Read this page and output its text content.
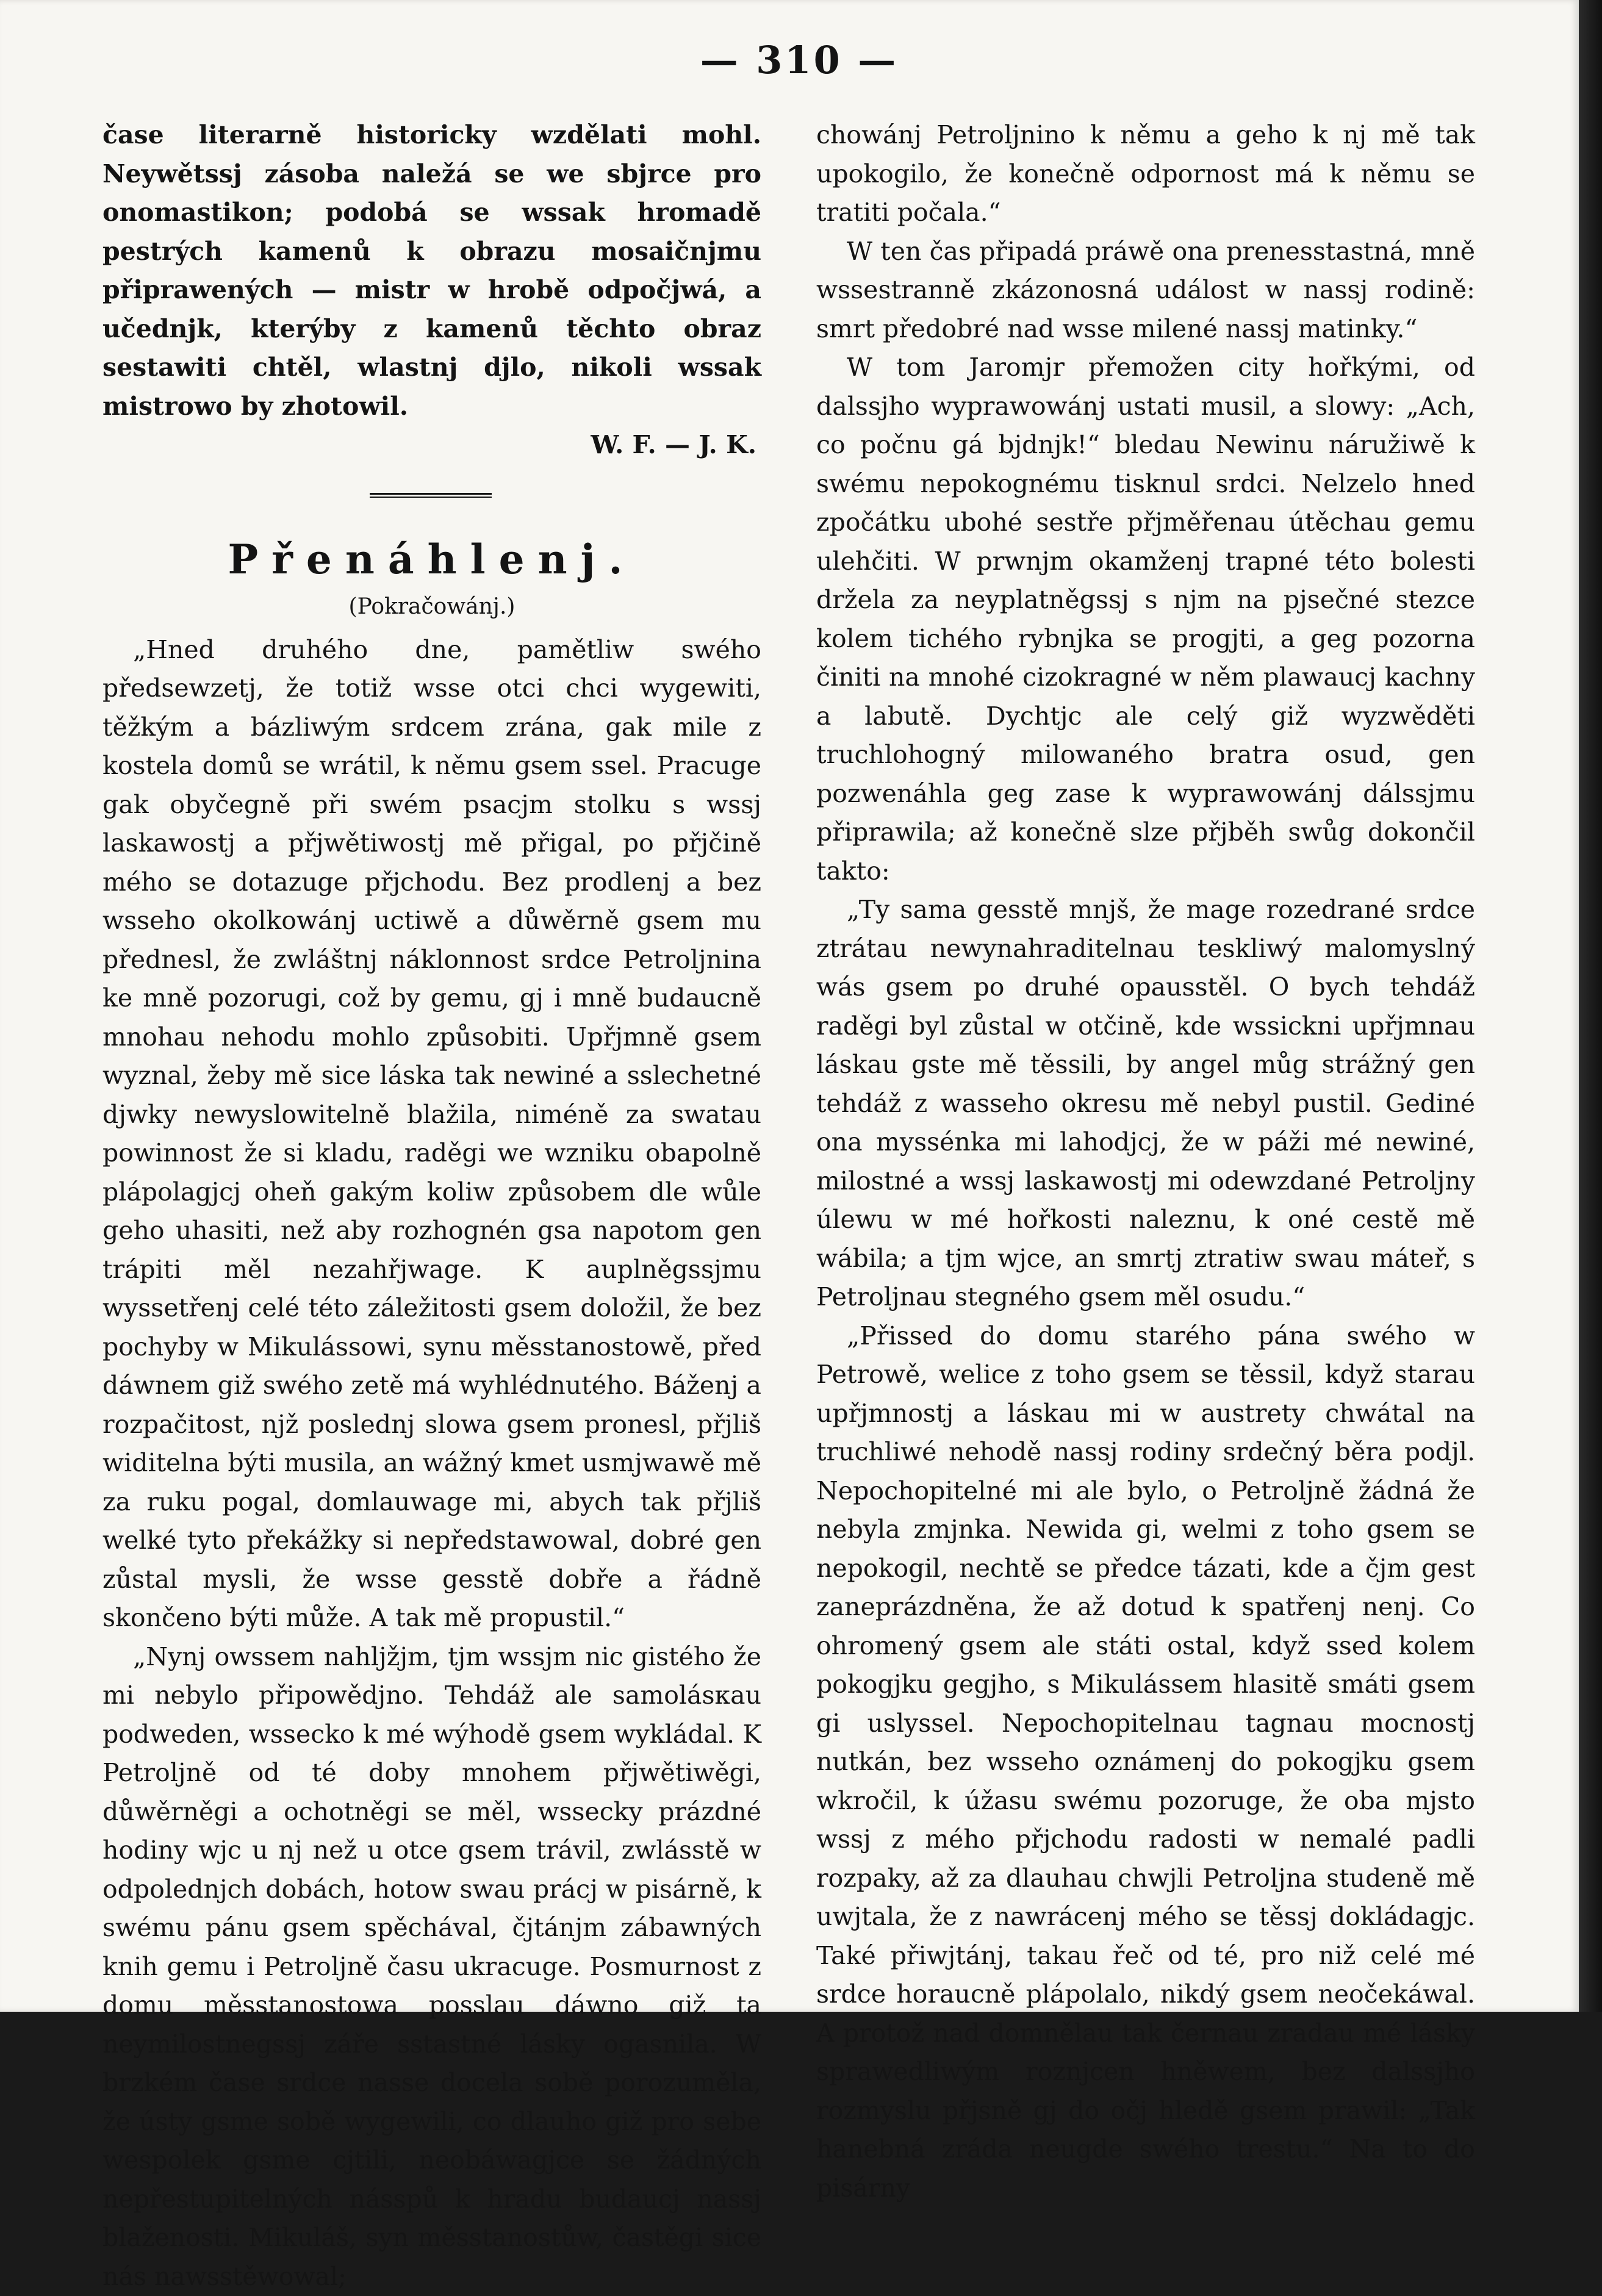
— 310 —

časе literarně historicky wzdělati mohl. Neywětssj zásoba naležá se we sbjrce pro onomastikon; podobá se wssak hromadě pestrých kamenů k obrazu mosaičnjmu připrawených — mistr w hrobě odpočjwá, a učednjk, kterýby z kamenů těchto obraz sestawiti chtěl, wlastnj djlo, nikoli wssak mistrowo by zhotowil.

W. F. — J. K.

Přenáhlenj.
(Pokračowánj.)

„Hned druhého dne, pamětliw swého předsewzetj, že totiž wsse otci chci wygewiti, těžkým a bázliwým srdcem zrána, gak mile z kostela domů se wrátil, k němu gsem ssel. Pracuge gak obyčegně při swém psacjm stolku s wssj laskawostj a přjwětiwostj mě přigal, po přjčině mého se dotazuge přjchodu. Bez prodlenj a bez wsseho okolkowánj uctiwě a důwěrně gsem mu přednesl, že zwláštnj náklonnost srdce Petroljnina ke mně pozorugi, což by gemu, gj i mně budaucně mnohau nehodu mohlo způsobiti. Upřjmně gsem wyznal, žeby mě sice láska tak newiné a sslechetné djwky newyslowitelně blažila, niméně za swatau powinnost že si kladu, raděgi we wzniku obapolně plápolagjcj oheň gakým koliw způsobem dle wůle geho uhasiti, než aby rozhognén gsa napotom gen trápiti měl nezahřjwage. K auplněgssjmu wyssetřenj celé této záležitosti gsem doložil, že bez pochyby w Mikulássowi, synu měsstanostowě, před dáwnem giž swého zetě má wyhlédnutého. Báženj a rozpačitost, njž poslednj slowa gsem pronesl, přjliš widitelna býti musila, an wážný kmet usmjwawě mě za ruku pogal, domlauwage mi, abych tak přjliš welké tyto překážky si nepředstawowal, dobré gen zůstal mysli, že wsse gesstě dobře a řádně skončeno býti může. A tak mě propustil.“

„Nynj owssem nahljžjm, tjm wssjm nic gistého že mi nebylo připowědjno. Tehdáž ale samolásкau podweden, wssecko k mé wýhodě gsem wykládal. K Petroljně od té doby mnohem přjwětiwěgi, důwěrněgi a ochotněgi se měl, wssecky prázdné hodiny wjc u nj než u otce gsem trávil, zwlásstě w odpolednjch dobách, hotow swau prácj w pisárně, k swému pánu gsem spěchával, čjtánjm zábawných knih gemu i Petroljně času ukracuge. Posmurnost z domu měsstanostowa posslau dáwno giž ta neymilostnegssj záře sstastné lásky ogasnila. W brzkém čase srdce nasse docela sobě porozuměla, že ústy gsme sobě wygewili, co dlauho giž pro sebe wespolek gsme cjtili, neobáwagjce se žádných nepřestupitelných násspů k hradu budaucj nassj blaženosti. Mikuláš, syn měsstanostůw, častěgi sice nás nawsstěwowal;

chowánj Petroljnino k němu a geho k nj mě tak upokogilo, že konečně odpornost má k němu se tratiti počala.“

W ten čas připadá práwě ona prenesstastná, mně wssestranně zkázonosná událost w nassj rodině: smrt předobré nad wsse milené nassj matinky.“

W tom Jaromjr přemožen city hořkými, od dalssjho wyprawowánj ustati musil, a slowy: „Ach, co počnu gá bjdnjk!“ bledau Newinu náružiwě k swému nepokognému tisknul srdci. Nelzelo hned zpočátku ubohé sestře přjměřenau útěchau gemu ulehčiti. W prwnjm okamženj trapné této bolesti držela za neyplatněgssj s njm na pjsečné stezce kolem tichého rybnjka se progjti, a geg pozorna činiti na mnohé cizokragné w něm plawaucj kachny a labutě. Dychtjc ale celý giž wyzwěděti truchlohogný milowaného bratra osud, gen pozwenáhla geg zase k wyprawowánj dálssjmu připrawila; až konečně slze přjběh swůg dokončil takto:

„Ty sama gesstě mnjš, že mage rozedrané srdce ztrátau newynahraditelnau teskliwý malomyslný wás gsem po druhé opausstěl. O bych tehdáž raděgi byl zůstal w otčině, kde wssickni upřjmnau láskau gste mě těssili, by angel můg strážný gen tehdáž z wasseho okresu mě nebyl pustil. Gediné ona myssénka mi lahodjcj, že w páži mé newiné, milostné a wssj laskawostj mi odewzdané Petroljny úlewu w mé hořkosti naleznu, k oné cestě mě wábila; a tjm wjce, an smrtj ztratiw swau máteř, s Petroljnau stegného gsem měl osudu.“

„Přissed do domu starého pána swého w Petrowě, welice z toho gsem se těssil, když starau upřjmnostj a láskau mi w austrety chwátal na truchliwé nehodě nassj rodiny srdečný běra podjl. Nepochopitelné mi ale bylo, o Petroljně žádná že nebyla zmjnka. Newida gi, welmi z toho gsem se nepokogil, nechtě se předce tázati, kde a čjm gest zaneprázdněna, že až dotud k spatřenj nenj. Co ohromený gsem ale státi ostal, když ssed kolem pokogjku gegjho, s Mikulássem hlasitě smáti gsem gi uslyssel. Nepochopitelnau tagnau mocnostj nutkán, bez wsseho oznámenj do pokogjku gsem wkročil, k úžasu swému pozoruge, že oba mjsto wssj z mého přjchodu radosti w nemalé padli rozpaky, až za dlauhau chwjli Petroljna studeně mě uwjtala, že z nawrácenj mého se těssj dokládagjc. Také přiwjtánj, takau řeč od té, pro niž celé mé srdce horaucně plápolalo, nikdý gsem neočekáwal. A protož nad domnělau tak černau zradau mé lásky sprawedliwým roznjcen hněwem, bez dalssjho rozmyslu přjsně gj do očj hledě gsem prawil: „Tak hanebná zráda neugde swého trestu.“ Na to do pisárny
